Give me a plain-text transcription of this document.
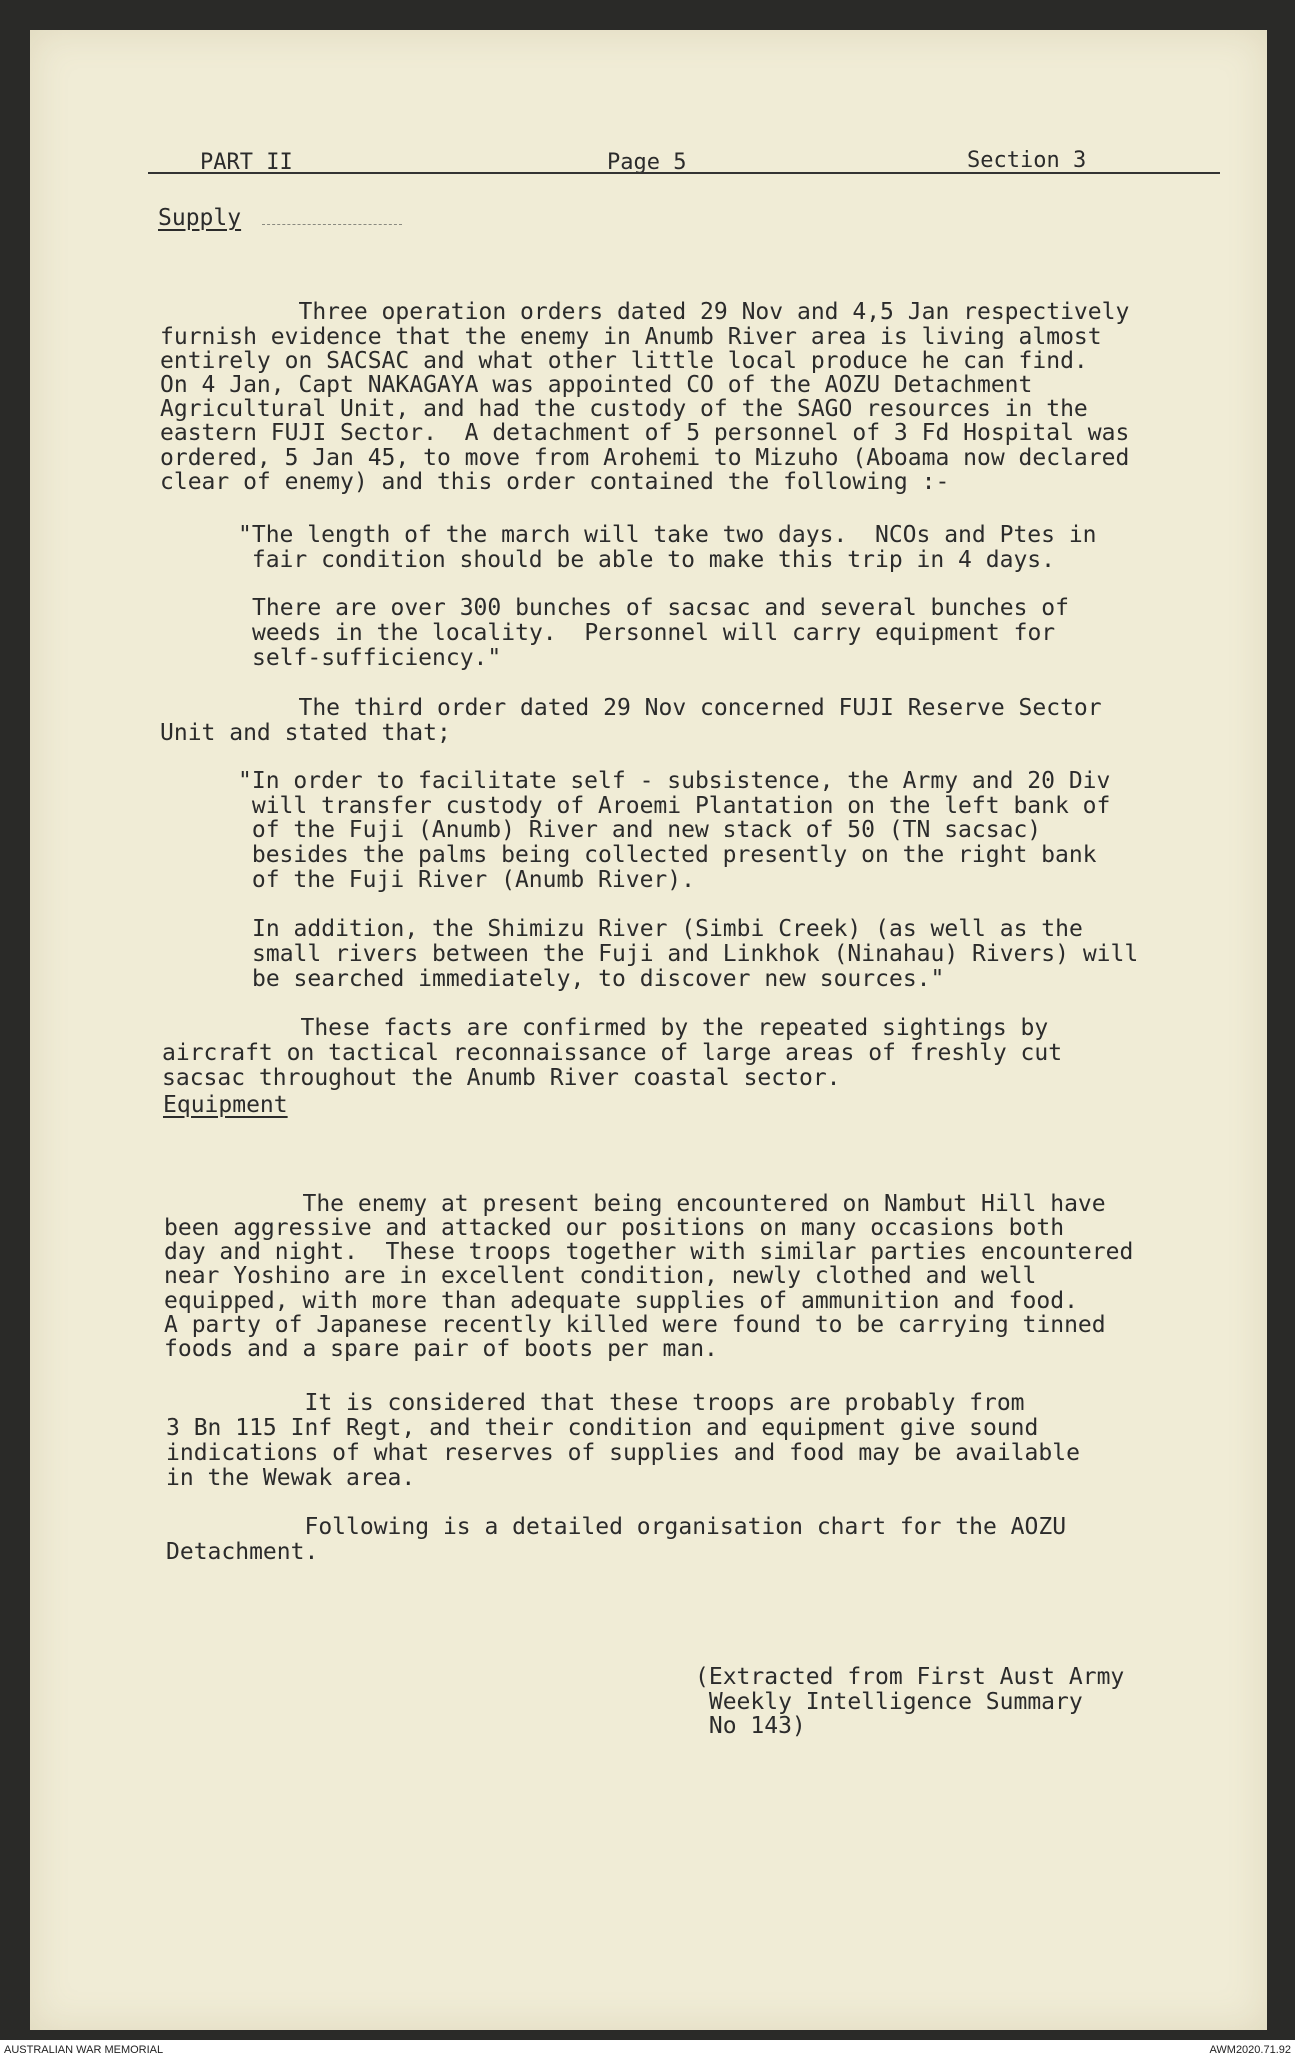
PART II	Page 5	Section 3
Supply

Three operation orders dated 29 Nov and 4,5 Jan respectively
furnish evidence that the enemy in Anumb River area is living almost
entirely on SACSAC and what other little local produce he can find.
On 4 Jan, Capt NAKAGAYA was appointed CO of the AOZU Detachment
Agricultural Unit, and had the custody of the SAGO resources in the
eastern FUJI Sector.  A detachment of 5 personnel of 3 Fd Hospital was
ordered, 5 Jan 45, to move from Arohemi to Mizuho (Aboama now declared
clear of enemy) and this order contained the following :-

"The length of the march will take two days.  NCOs and Ptes in
fair condition should be able to make this trip in 4 days.

There are over 300 bunches of sacsac and several bunches of
weeds in the locality.  Personnel will carry equipment for
self-sufficiency."

The third order dated 29 Nov concerned FUJI Reserve Sector
Unit and stated that;

"In order to facilitate self - subsistence, the Army and 20 Div
will transfer custody of Aroemi Plantation on the left bank of
of the Fuji (Anumb) River and new stack of 50 (TN sacsac)
besides the palms being collected presently on the right bank
of the Fuji River (Anumb River).

In addition, the Shimizu River (Simbi Creek) (as well as the
small rivers between the Fuji and Linkhok (Ninahau) Rivers) will
be searched immediately, to discover new sources."

These facts are confirmed by the repeated sightings by
aircraft on tactical reconnaissance of large areas of freshly cut
sacsac throughout the Anumb River coastal sector.

Equipment

The enemy at present being encountered on Nambut Hill have
been aggressive and attacked our positions on many occasions both
day and night.  These troops together with similar parties encountered
near Yoshino are in excellent condition, newly clothed and well
equipped, with more than adequate supplies of ammunition and food.
A party of Japanese recently killed were found to be carrying tinned
foods and a spare pair of boots per man.

It is considered that these troops are probably from
3 Bn 115 Inf Regt, and their condition and equipment give sound
indications of what reserves of supplies and food may be available
in the Wewak area.

Following is a detailed organisation chart for the AOZU
Detachment.

(Extracted from First Aust Army
Weekly Intelligence Summary
No 143)

AUSTRALIAN WAR MEMORIAL	AWM2020.71.92
